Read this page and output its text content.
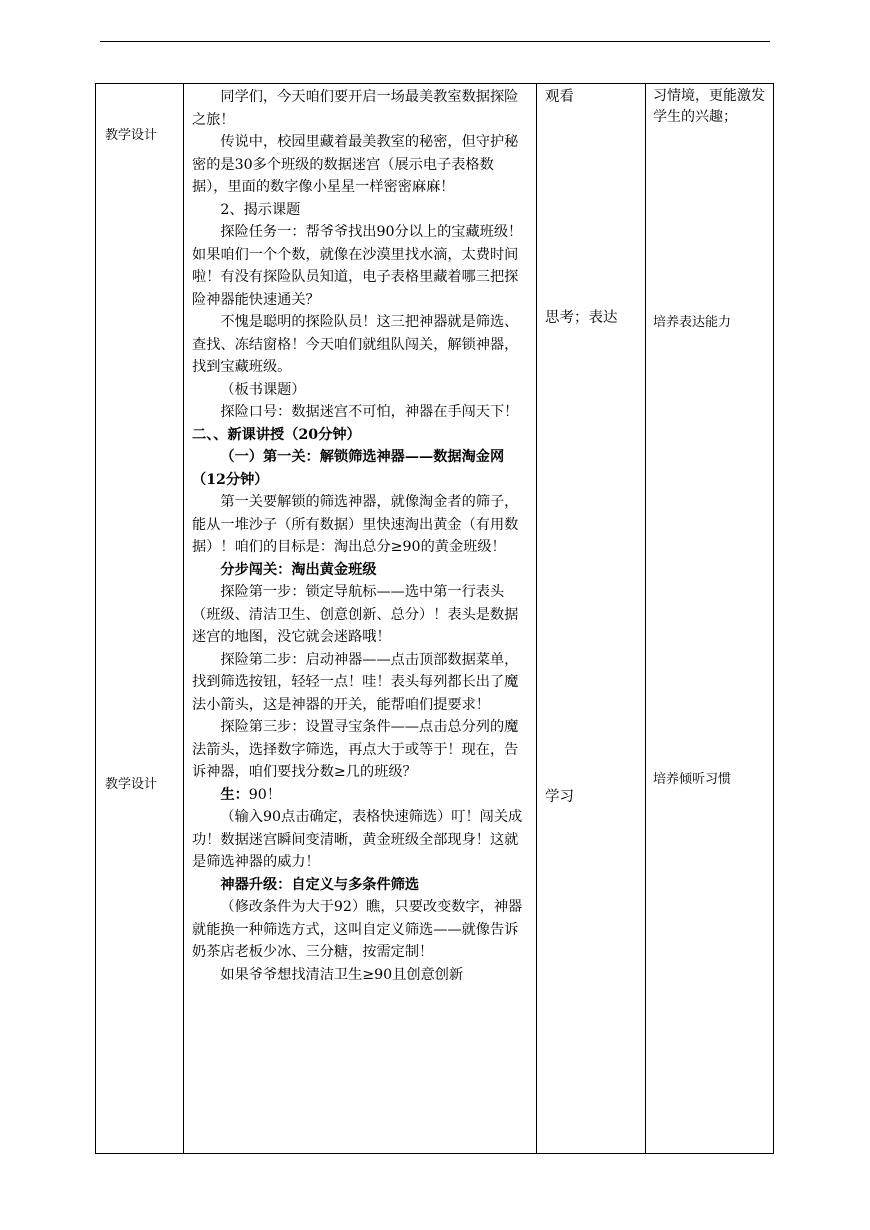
教学设计
教学设计

同学们，今天咱们要开启一场最美教室数据探险之旅！

传说中，校园里藏着最美教室的秘密，但守护秘密的是30多个班级的数据迷宫（展示电子表格数据），里面的数字像小星星一样密密麻麻！

2、揭示课题

探险任务一：帮爷爷找出90分以上的宝藏班级！如果咱们一个个数，就像在沙漠里找水滴，太费时间啦！有没有探险队员知道，电子表格里藏着哪三把探险神器能快速通关？

不愧是聪明的探险队员！这三把神器就是筛选、查找、冻结窗格！今天咱们就组队闯关，解锁神器，找到宝藏班级。

（板书课题）

探险口号：数据迷宫不可怕，神器在手闯天下！

二、、新课讲授（20分钟）

（一）第一关：解锁筛选神器——数据淘金网（12分钟）

第一关要解锁的筛选神器，就像淘金者的筛子，能从一堆沙子（所有数据）里快速淘出黄金（有用数据）！咱们的目标是：淘出总分≥90的黄金班级！

分步闯关：淘出黄金班级

探险第一步：锁定导航标——选中第一行表头（班级、清洁卫生、创意创新、总分）！表头是数据迷宫的地图，没它就会迷路哦！

探险第二步：启动神器——点击顶部数据菜单，找到筛选按钮，轻轻一点！哇！表头每列都长出了魔法小箭头，这是神器的开关，能帮咱们提要求！

探险第三步：设置寻宝条件——点击总分列的魔法箭头，选择数字筛选，再点大于或等于！现在，告诉神器，咱们要找分数≥几的班级？

生：90！

（输入90点击确定，表格快速筛选）叮！闯关成功！数据迷宫瞬间变清晰，黄金班级全部现身！这就是筛选神器的威力！

神器升级：自定义与多条件筛选

（修改条件为大于92）瞧，只要改变数字，神器就能换一种筛选方式，这叫自定义筛选——就像告诉奶茶店老板少冰、三分糖，按需定制！

如果爷爷想找清洁卫生≥90且创意创新

观看
思考；表达
学习
习情境，更能激发学生的兴趣；
培养表达能力
培养倾听习惯
